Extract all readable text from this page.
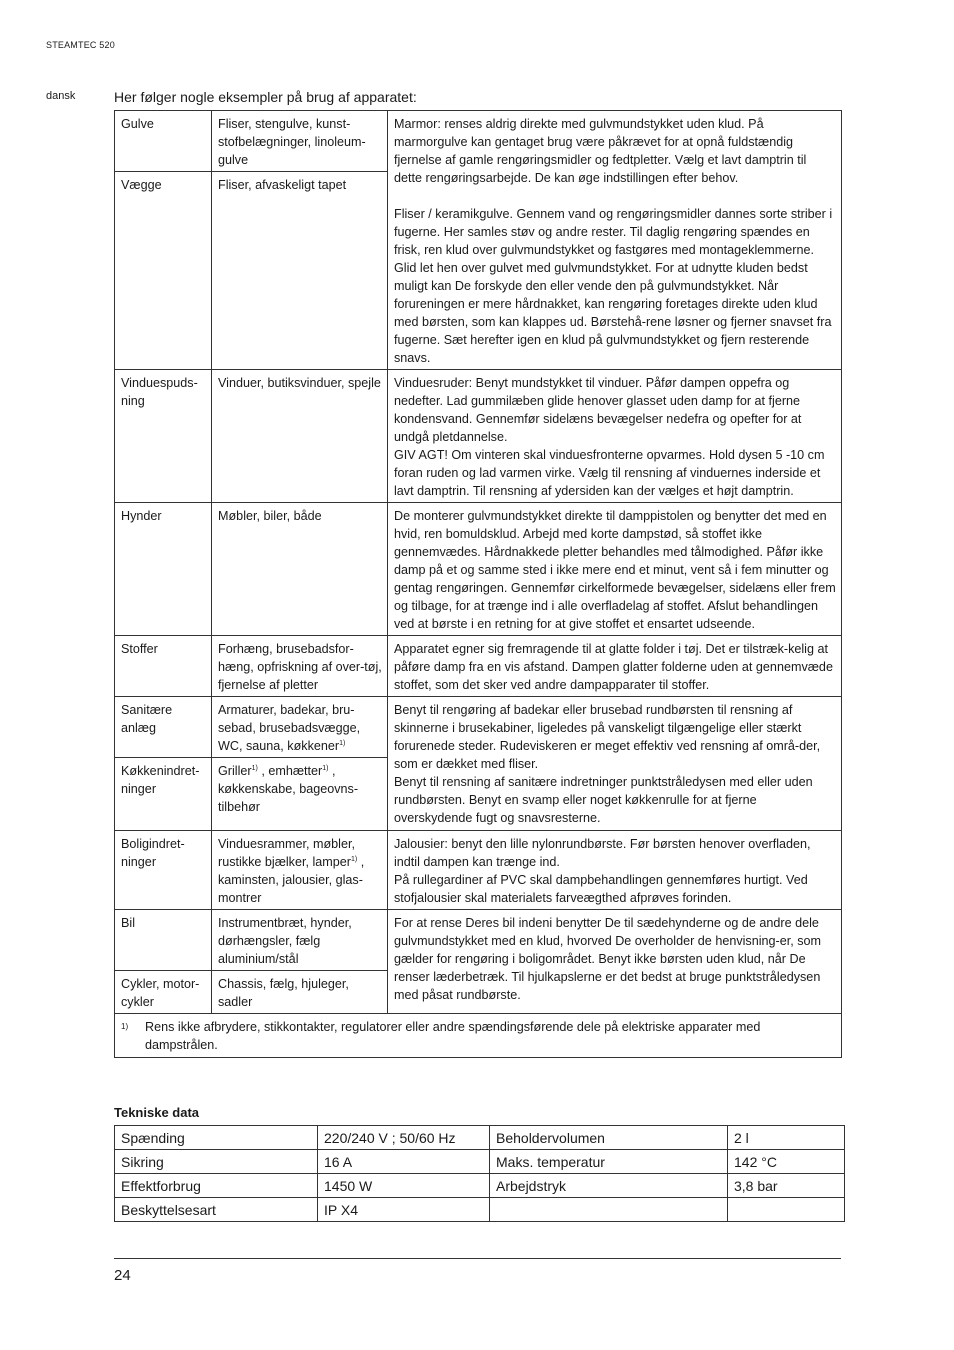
STEAMTEC 520
dansk	Her følger nogle eksempler på brug af apparatet:
Gulve	Fliser, stengulve, kunst-stofbelægninger, linoleum-gulve	Marmor: renses aldrig direkte med gulvmundstykket uden klud. På marmorgulve kan gentaget brug være påkrævet for at opnå fuldstændig fjernelse af gamle rengøringsmidler og fedtpletter. Vælg et lavt damptrin til dette rengøringsarbejde. De kan øge indstillingen efter behov.
Fliser / keramikgulve. Gennem vand og rengøringsmidler dannes sorte striber i fugerne. Her samles støv og andre rester. Til daglig rengøring spændes en frisk, ren klud over gulvmundstykket og fastgøres med montageklemmerne. Glid let hen over gulvet med gulvmundstykket. For at udnytte kluden bedst muligt kan De forskyde den eller vende den på gulvmundstykket. Når forureningen er mere hårdnakket, kan rengøring foretages direkte uden klud med børsten, som kan klappes ud. Børstehå-rene løsner og fjerner snavset fra fugerne. Sæt herefter igen en klud på gulvmundstykket og fjern resterende snavs.
Vægge	Fliser, afvaskeligt tapet	
Vinduespuds-ning	Vinduer, butiksvinduer, spejle	Vinduesruder: Benyt mundstykket til vinduer. Påfør dampen oppefra og nedefter. Lad gummilæben glide henover glasset uden damp for at fjerne kondensvand. Gennemfør sidelæns bevægelser nedefra og opefter for at undgå pletdannelse.
GIV AGT! Om vinteren skal vinduesfronterne opvarmes. Hold dysen 5 -10 cm foran ruden og lad varmen virke. Vælg til rensning af vinduernes inderside et lavt damptrin. Til rensning af ydersiden kan der vælges et højt damptrin.
Hynder	Møbler, biler, både	De monterer gulvmundstykket direkte til damppistolen og benytter det med en hvid, ren bomuldsklud. Arbejd med korte dampstød, så stoffet ikke gennemvædes. Hårdnakkede pletter behandles med tålmodighed. Påfør ikke damp på et og samme sted i ikke mere end et minut, vent så i fem minutter og gentag rengøringen. Gennemfør cirkelformede bevægelser, sidelæns eller frem og tilbage, for at trænge ind i alle overfladelag af stoffet. Afslut behandlingen ved at børste i en retning for at give stoffet et ensartet udseende.
Stoffer	Forhæng, brusebadsfor-hæng, opfriskning af over-tøj, fjernelse af pletter	Apparatet egner sig fremragende til at glatte folder i tøj. Det er tilstræk-kelig at påføre damp fra en vis afstand. Dampen glatter folderne uden at gennemvæde stoffet, som det sker ved andre dampapparater til stoffer.
Sanitære anlæg	Armaturer, badekar, bru-sebad, brusebadsvægge, WC, sauna, køkkener$^{1)}$	Benyt til rengøring af badekar eller brusebad rundbørsten til rensning af skinnerne i brusekabiner, ligeledes på vanskeligt tilgængelige eller stærkt forurenede steder. Rudeviskeren er meget effektiv ved rensning af områ-der, som er dækket med fliser.
Benyt til rensning af sanitære indretninger punktstråledysen med eller uden rundbørsten. Benyt en svamp eller noget køkkenrulle for at fjerne overskydende fugt og snavsresterne.
Køkkenindret-ninger	Griller$^{1)}$ , emhætter$^{1)}$ , køkkenskabe, bageovns-tilbehør	
Boligindret-ninger	Vinduesrammer, møbler, rustikke bjælker, lamper$^{1)}$ , kaminsten, jalousier, glas-montrer	Jalousier: benyt den lille nylonrundbørste. Før børsten henover overfladen, indtil dampen kan trænge ind.
På rullegardiner af PVC skal dampbehandlingen gennemføres hurtigt. Ved stofjalousier skal materialets farveægthed afprøves forinden.
Bil	Instrumentbræt, hynder, dørhængsler, fælg aluminium/stål	For at rense Deres bil indeni benytter De til sædehynderne og de andre dele gulvmundstykket med en klud, hvorved De overholder de henvisning-er, som gælder for rengøring i boligområdet. Benyt ikke børsten uden klud, når De renser læderbetræk. Til hjulkapslerne er det bedst at bruge punktstråledysen med påsat rundbørste.
Cykler, motor-cykler	Chassis, fælg, hjuleger, sadler	
1) Rens ikke afbrydere, stikkontakter, regulatorer eller andre spændingsførende dele på elektriske apparater med dampstrålen.		
Tekniske data
Spænding	220/240 V ; 50/60 Hz	Beholdervolumen	2 l
Sikring	16 A	Maks. temperatur	142 °C
Effektforbrug	1450 W	Arbejdstryk	3,8 bar
Beskyttelsesart	IP X4		
24
